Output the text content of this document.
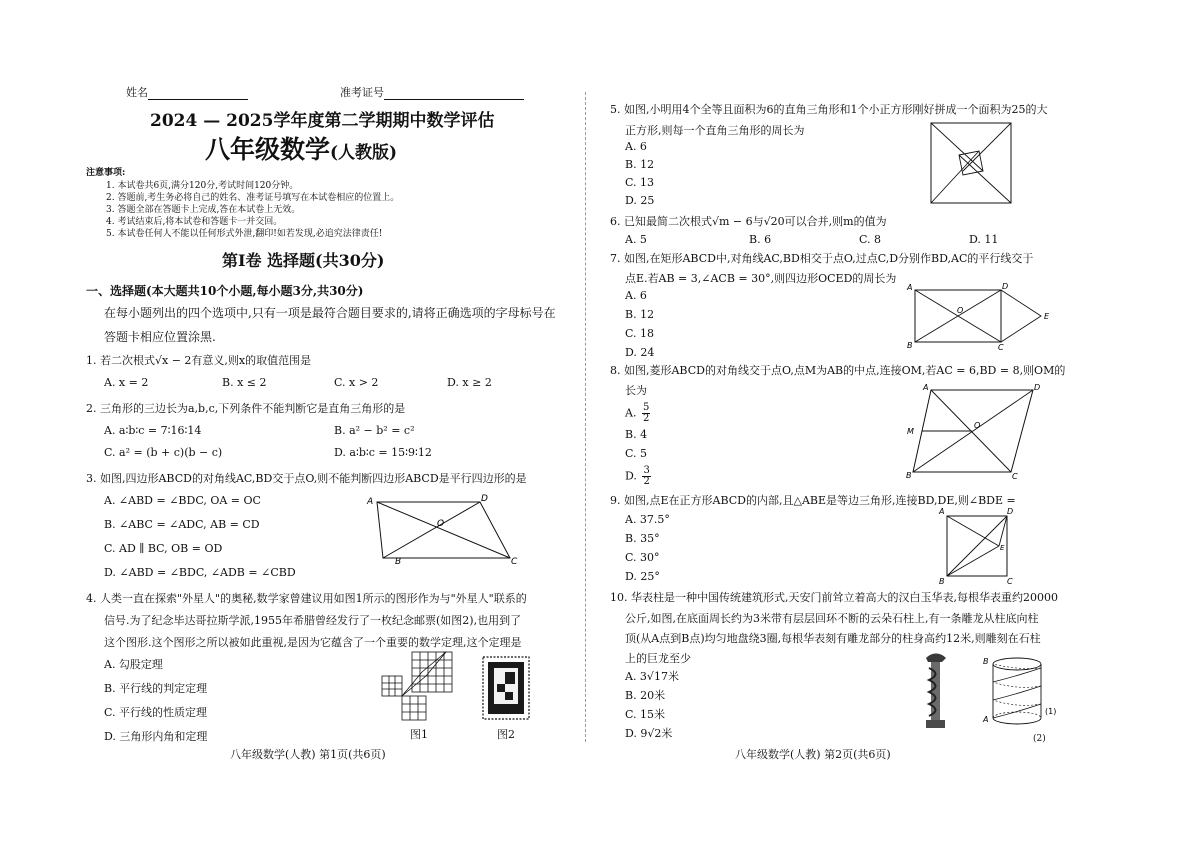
姓名	准考证号
2024 — 2025学年度第二学期期中数学评估
八年级数学(人教版)
注意事项:
1. 本试卷共6页,满分120分,考试时间120分钟。
2. 答题前,考生务必将自己的姓名、准考证号填写在本试卷相应的位置上。
3. 答题全部在答题卡上完成,答在本试卷上无效。
4. 考试结束后,将本试卷和答题卡一并交回。
5. 本试卷任何人不能以任何形式外泄,翻印!如若发现,必追究法律责任!
第Ⅰ卷 选择题(共30分)
一、选择题(本大题共10个小题,每小题3分,共30分)
在每小题列出的四个选项中,只有一项是最符合题目要求的,请将正确选项的字母标号在
答题卡相应位置涂黑.
1. 若二次根式√x − 2有意义,则x的取值范围是
A. x = 2	B. x ≤ 2	C. x > 2	D. x ≥ 2
2. 三角形的三边长为a,b,c,下列条件不能判断它是直角三角形的是
A. a∶b∶c = 7∶16∶14	B. a² − b² = c²
C. a² = (b + c)(b − c)	D. a∶b∶c = 15∶9∶12
3. 如图,四边形ABCD的对角线AC,BD交于点O,则不能判断四边形ABCD是平行四边形的是
A. ∠ABD = ∠BDC, OA = OC
B. ∠ABC = ∠ADC, AB = CD
C. AD ∥ BC, OB = OD
D. ∠ABD = ∠BDC, ∠ADB = ∠CBD
A	D
O
B	C
4. 人类一直在探索"外星人"的奥秘,数学家曾建议用如图1所示的图形作为与"外星人"联系的
信号.为了纪念毕达哥拉斯学派,1955年希腊曾经发行了一枚纪念邮票(如图2),也用到了
这个图形.这个图形之所以被如此重视,是因为它蕴含了一个重要的数学定理,这个定理是
A. 勾股定理
B. 平行线的判定定理
C. 平行线的性质定理
D. 三角形内角和定理	图1	图2
八年级数学(人教) 第1页(共6页)
5. 如图,小明用4个全等且面积为6的直角三角形和1个小正方形刚好拼成一个面积为25的大
正方形,则每一个直角三角形的周长为
A. 6
B. 12
C. 13
D. 25
6. 已知最简二次根式√m − 6与√20可以合并,则m的值为
A. 5	B. 6	C. 8	D. 11
7. 如图,在矩形ABCD中,对角线AC,BD相交于点O,过点C,D分别作BD,AC的平行线交于
点E.若AB = 3,∠ACB = 30°,则四边形OCED的周长为
A. 6
B. 12
C. 18
D. 24
A	D
O
E
B	C
8. 如图,菱形ABCD的对角线交于点O,点M为AB的中点,连接OM,若AC = 6,BD = 8,则OM的
长为
A. $\frac{5}{2}$
B. 4
C. 5
D. $\frac{3}{2}$
A	D
M
O
B	C
9. 如图,点E在正方形ABCD的内部,且△ABE是等边三角形,连接BD,DE,则∠BDE =
A. 37.5°
B. 35°
C. 30°
D. 25°
A	D
E
B	C
10. 华表柱是一种中国传统建筑形式,天安门前耸立着高大的汉白玉华表,每根华表重约20000
公斤,如图,在底面周长约为3米带有层层回环不断的云朵石柱上,有一条雕龙从柱底向柱
顶(从A点到B点)均匀地盘绕3圈,每根华表刻有雕龙部分的柱身高约12米,则雕刻在石柱
上的巨龙至少
A. 3√17米
B. 20米
C. 15米
D. 9√2米
B
A
(1)
(2)
八年级数学(人教) 第2页(共6页)
